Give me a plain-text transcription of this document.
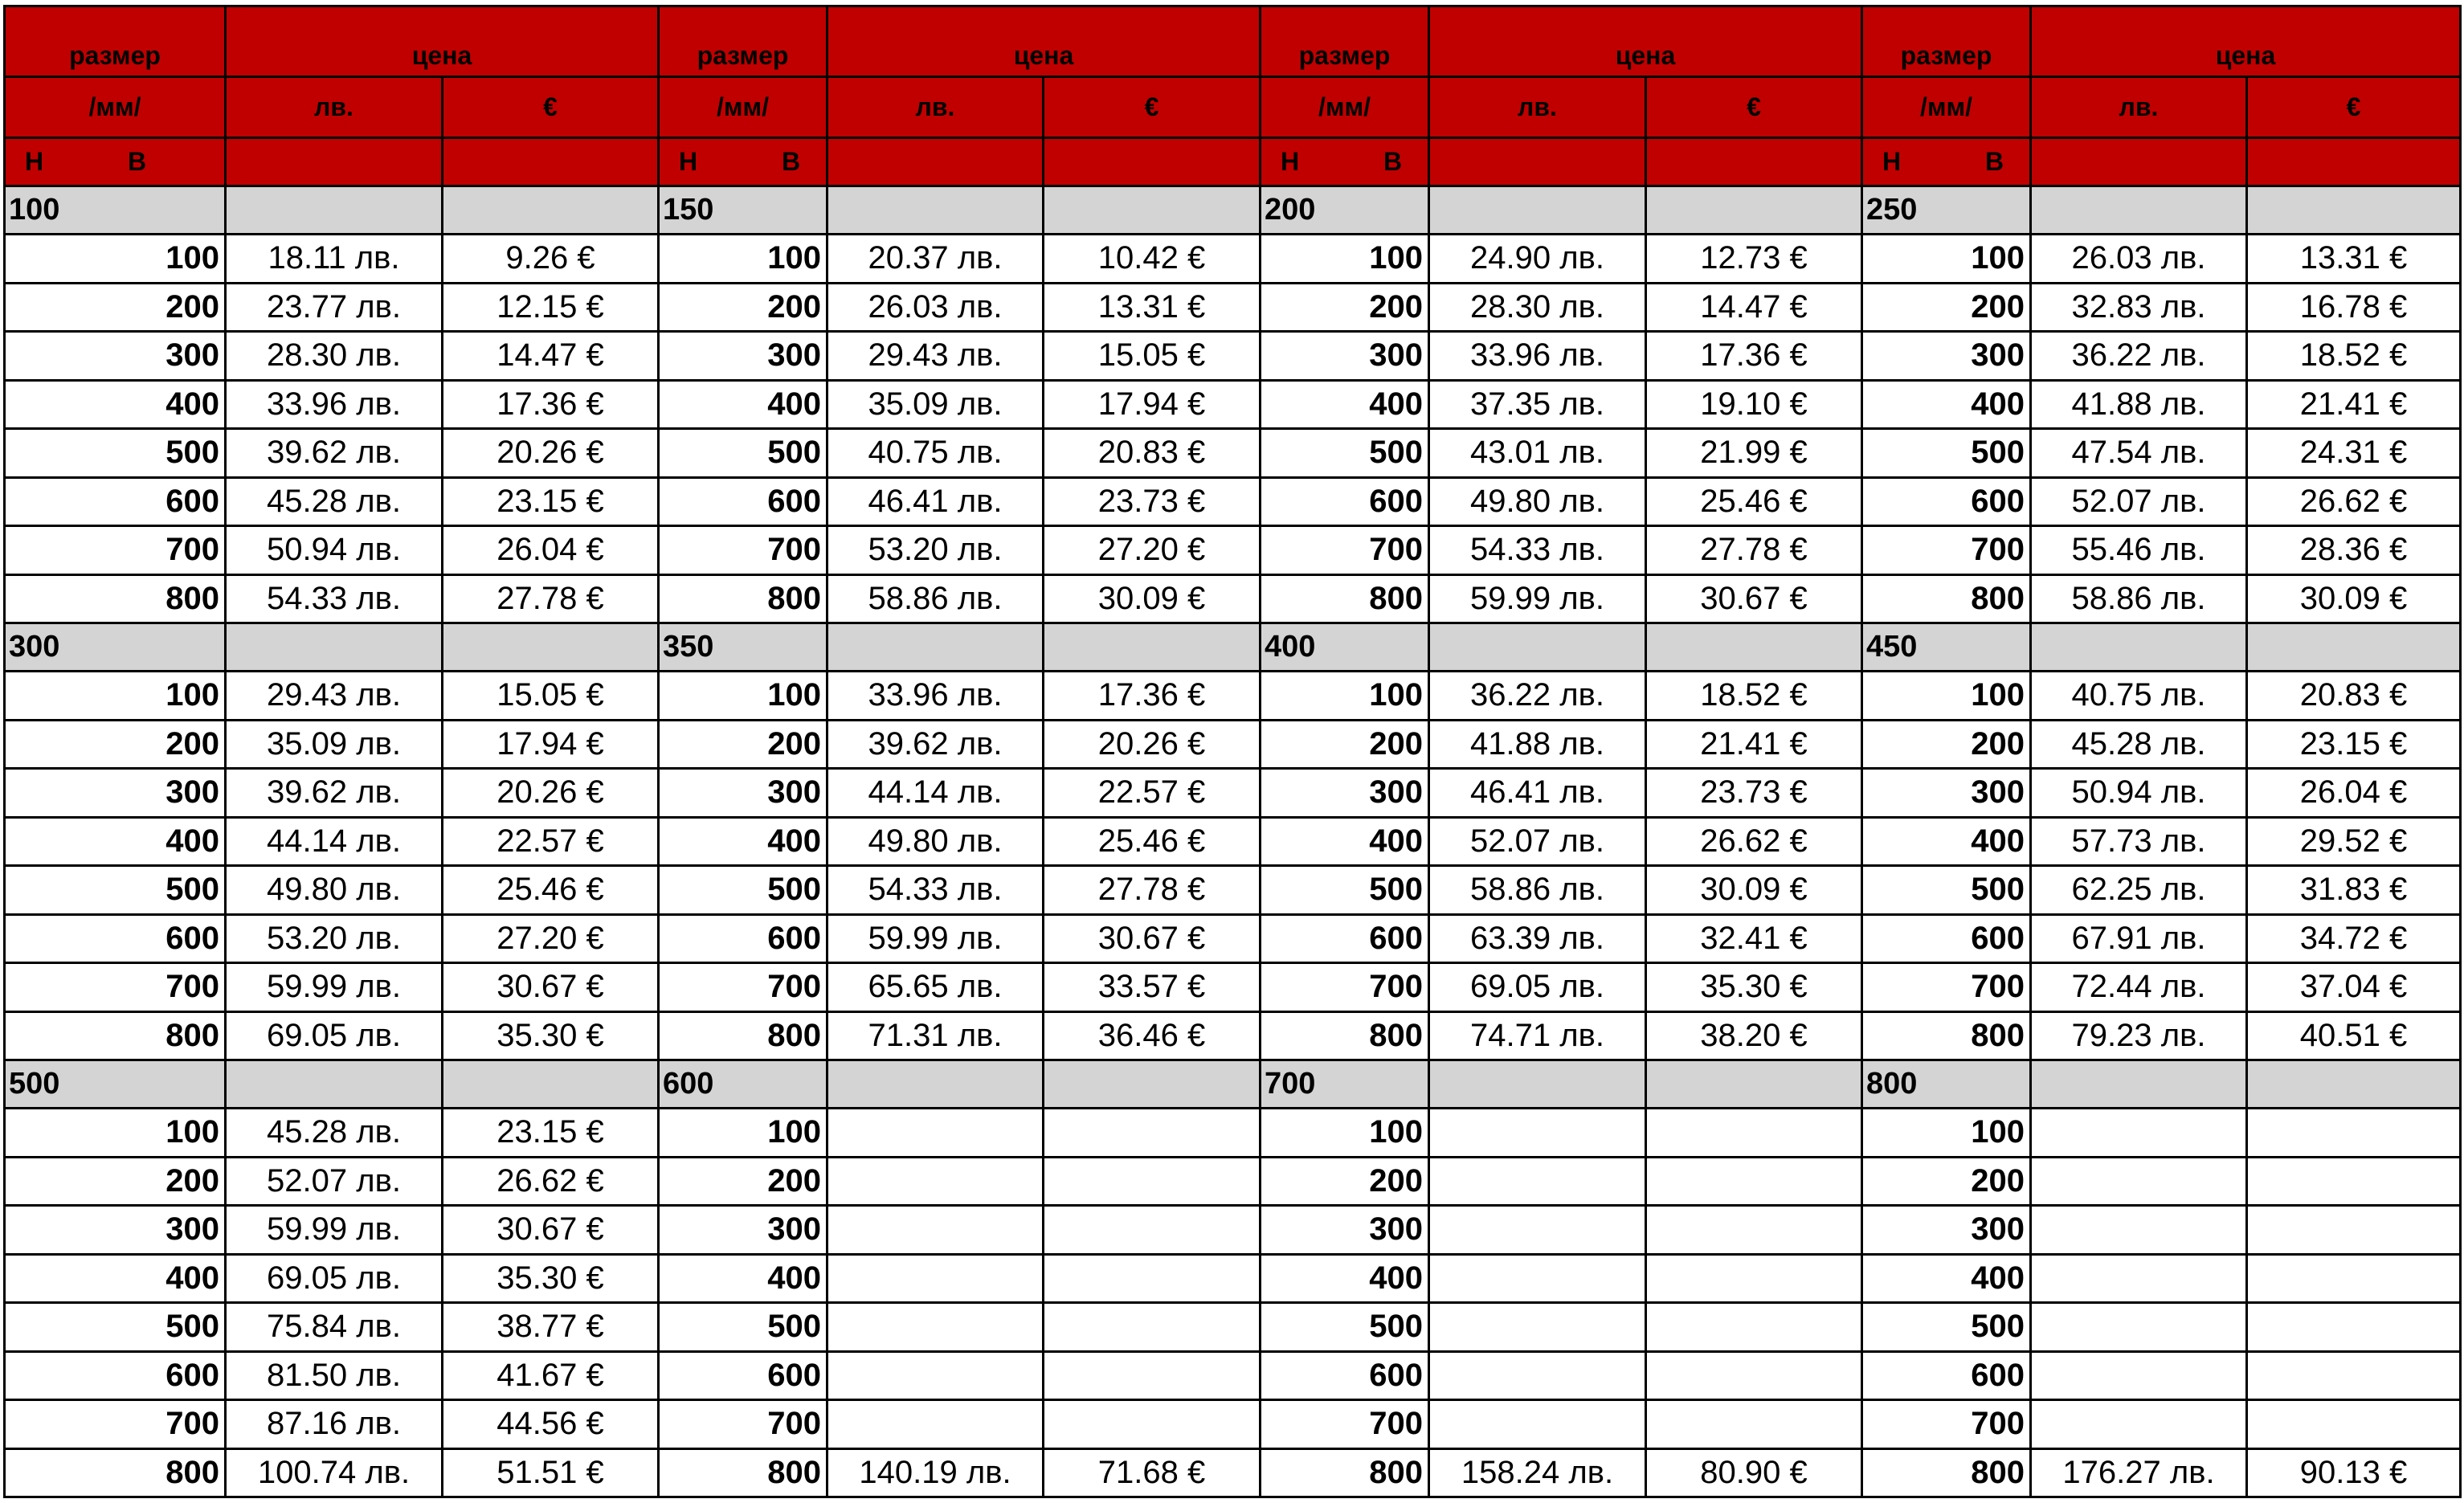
размер	цена		размер	цена		размер	цена		размер	цена	
/мм/	лв.	€	/мм/	лв.	€	/мм/	лв.	€	/мм/	лв.	€
Н В			Н В			Н В			Н В		
100			150			200			250		
100	18.11 лв.	9.26 €	100	20.37 лв.	10.42 €	100	24.90 лв.	12.73 €	100	26.03 лв.	13.31 €
200	23.77 лв.	12.15 €	200	26.03 лв.	13.31 €	200	28.30 лв.	14.47 €	200	32.83 лв.	16.78 €
300	28.30 лв.	14.47 €	300	29.43 лв.	15.05 €	300	33.96 лв.	17.36 €	300	36.22 лв.	18.52 €
400	33.96 лв.	17.36 €	400	35.09 лв.	17.94 €	400	37.35 лв.	19.10 €	400	41.88 лв.	21.41 €
500	39.62 лв.	20.26 €	500	40.75 лв.	20.83 €	500	43.01 лв.	21.99 €	500	47.54 лв.	24.31 €
600	45.28 лв.	23.15 €	600	46.41 лв.	23.73 €	600	49.80 лв.	25.46 €	600	52.07 лв.	26.62 €
700	50.94 лв.	26.04 €	700	53.20 лв.	27.20 €	700	54.33 лв.	27.78 €	700	55.46 лв.	28.36 €
800	54.33 лв.	27.78 €	800	58.86 лв.	30.09 €	800	59.99 лв.	30.67 €	800	58.86 лв.	30.09 €
300			350			400			450		
100	29.43 лв.	15.05 €	100	33.96 лв.	17.36 €	100	36.22 лв.	18.52 €	100	40.75 лв.	20.83 €
200	35.09 лв.	17.94 €	200	39.62 лв.	20.26 €	200	41.88 лв.	21.41 €	200	45.28 лв.	23.15 €
300	39.62 лв.	20.26 €	300	44.14 лв.	22.57 €	300	46.41 лв.	23.73 €	300	50.94 лв.	26.04 €
400	44.14 лв.	22.57 €	400	49.80 лв.	25.46 €	400	52.07 лв.	26.62 €	400	57.73 лв.	29.52 €
500	49.80 лв.	25.46 €	500	54.33 лв.	27.78 €	500	58.86 лв.	30.09 €	500	62.25 лв.	31.83 €
600	53.20 лв.	27.20 €	600	59.99 лв.	30.67 €	600	63.39 лв.	32.41 €	600	67.91 лв.	34.72 €
700	59.99 лв.	30.67 €	700	65.65 лв.	33.57 €	700	69.05 лв.	35.30 €	700	72.44 лв.	37.04 €
800	69.05 лв.	35.30 €	800	71.31 лв.	36.46 €	800	74.71 лв.	38.20 €	800	79.23 лв.	40.51 €
500			600			700			800		
100	45.28 лв.	23.15 €	100			100			100		
200	52.07 лв.	26.62 €	200			200			200		
300	59.99 лв.	30.67 €	300			300			300		
400	69.05 лв.	35.30 €	400			400			400		
500	75.84 лв.	38.77 €	500			500			500		
600	81.50 лв.	41.67 €	600			600			600		
700	87.16 лв.	44.56 €	700			700			700		
800	100.74 лв.	51.51 €	800	140.19 лв.	71.68 €	800	158.24 лв.	80.90 €	800	176.27 лв.	90.13 €
